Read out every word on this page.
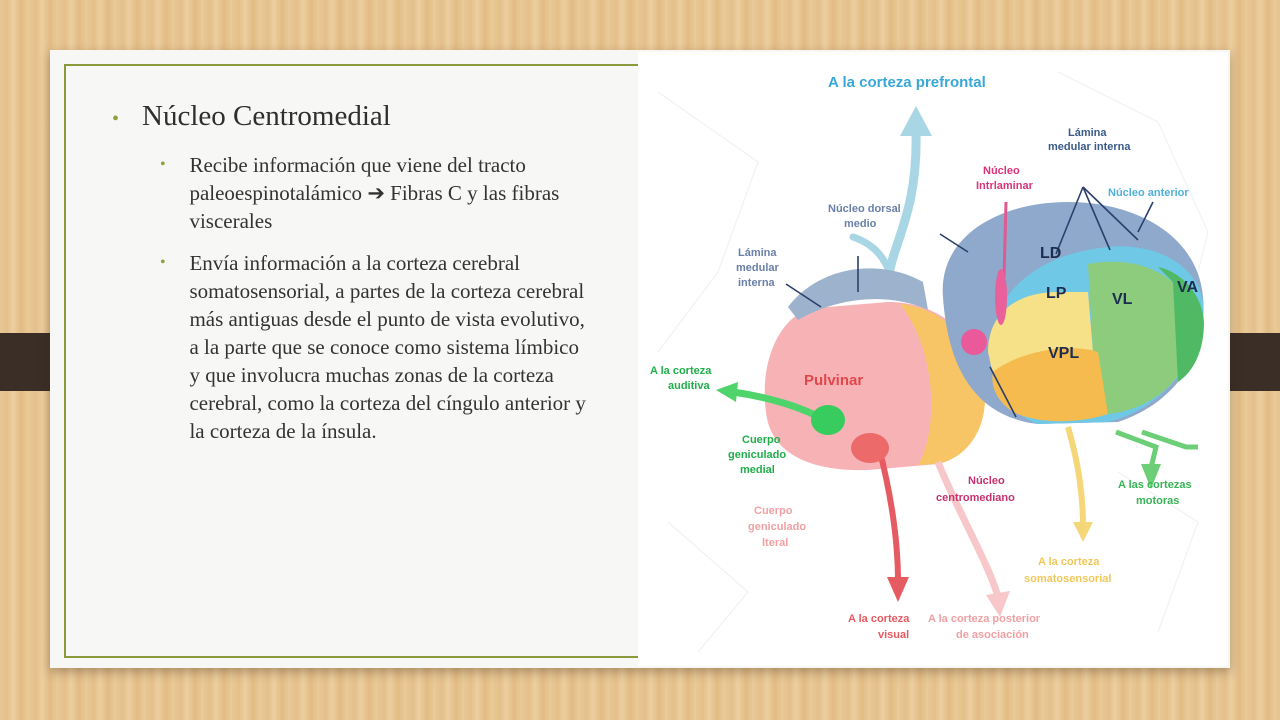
• Núcleo Centromedial
•	Recibe información que viene del tracto paleoespinotalámico ➔ Fibras C y las fibras viscerales
•	Envía información a la corteza cerebral somatosensorial, a partes de la corteza cerebral más antiguas desde el punto de vista evolutivo, a la parte que se conoce como sistema límbico y que involucra muchas zonas de la corteza cerebral, como la corteza del cíngulo anterior y la corteza de la ínsula.
A la corteza prefrontal
Lámina
medular interna
Núcleo anterior
Núcleo
Intrlaminar
Núcleo dorsal
medio
Lámina
medular
interna
LD
LP	VL
VA
VPL
Pulvinar
A la corteza
auditiva
Cuerpo
geniculado
medial
Cuerpo
geniculado
lteral
Núcleo
centromediano
A las cortezas
motoras
A la corteza
somatosensorial
A la corteza
visual
A la corteza posterior
de asociación
